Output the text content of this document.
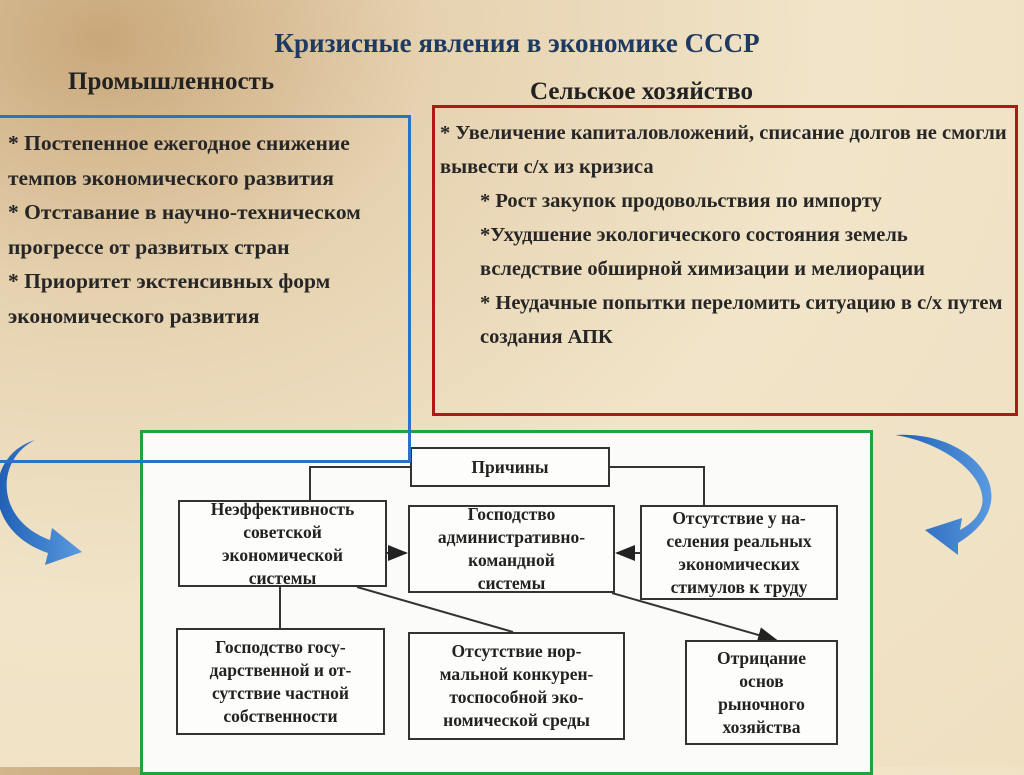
Кризисные явления в экономике СССР
Промышленность	Сельское хозяйство
Причины
Неэффективность
советской
экономической
системы
Господство
административно-
командной
системы
Отсутствие у на-
селения реальных
экономических
стимулов к труду
Господство госу-
дарственной и от-
сутствие частной
собственности
Отсутствие нор-
мальной конкурен-
тоспособной эко-
номической среды
Отрицание
основ
рыночного
хозяйства
* Постепенное ежегодное снижение темпов экономического развития
* Отставание в научно-техническом прогрессе от развитых стран
* Приоритет экстенсивных форм экономического развития
* Увеличение капиталовложений, списание долгов не смогли вывести с/х из кризиса
* Рост закупок продовольствия по импорту
*Ухудшение экологического состояния земель вследствие обширной химизации и мелиорации
* Неудачные попытки переломить ситуацию в с/х путем создания АПК
